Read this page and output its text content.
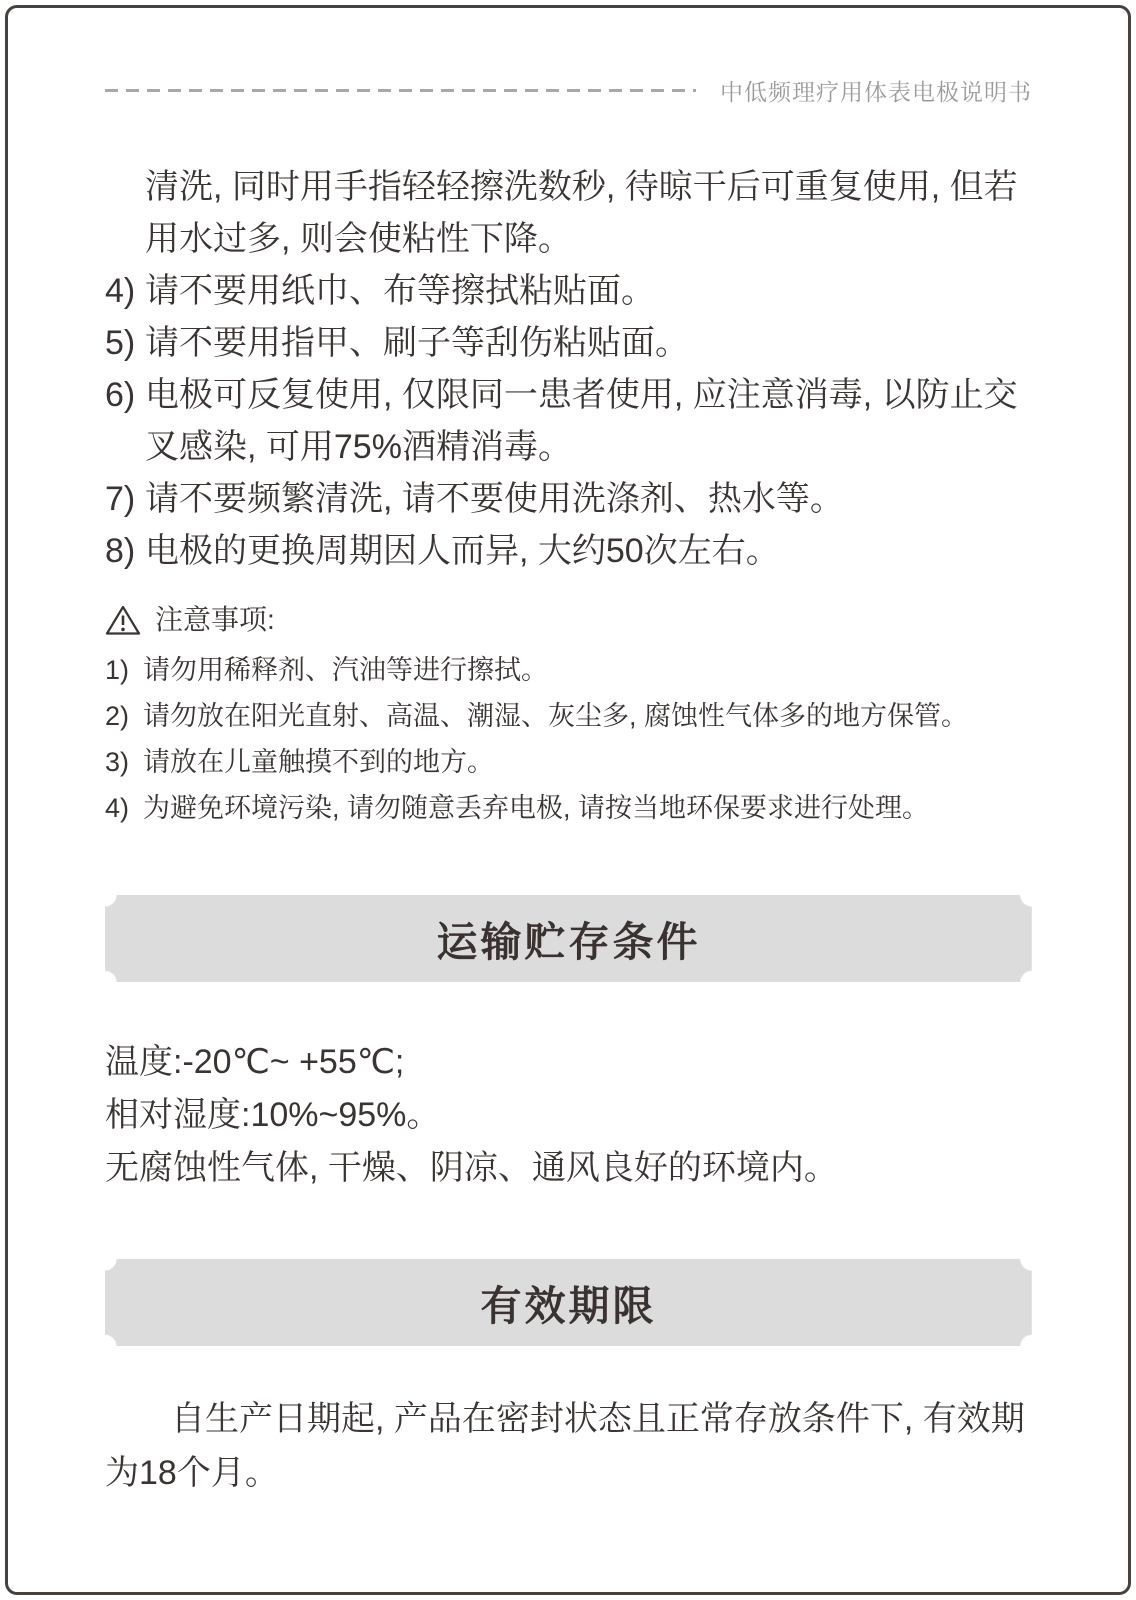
中低频理疗用体表电极说明书
清洗, 同时用手指轻轻擦洗数秒, 待晾干后可重复使用, 但若
用水过多, 则会使粘性下降。
4) 请不要用纸巾、布等擦拭粘贴面。
5) 请不要用指甲、刷子等刮伤粘贴面。
6) 电极可反复使用, 仅限同一患者使用, 应注意消毒, 以防止交
叉感染, 可用75%酒精消毒。
7) 请不要频繁清洗, 请不要使用洗涤剂、热水等。
8) 电极的更换周期因人而异, 大约50次左右。
注意事项:
1) 请勿用稀释剂、汽油等进行擦拭。
2) 请勿放在阳光直射、高温、潮湿、灰尘多, 腐蚀性气体多的地方保管。
3) 请放在儿童触摸不到的地方。
4) 为避免环境污染, 请勿随意丢弃电极, 请按当地环保要求进行处理。
运输贮存条件
温度:-20℃~ +55℃;
相对湿度:10%~95%。
无腐蚀性气体, 干燥、阴凉、通风良好的环境内。
有效期限
自生产日期起, 产品在密封状态且正常存放条件下, 有效期
为18个月。
